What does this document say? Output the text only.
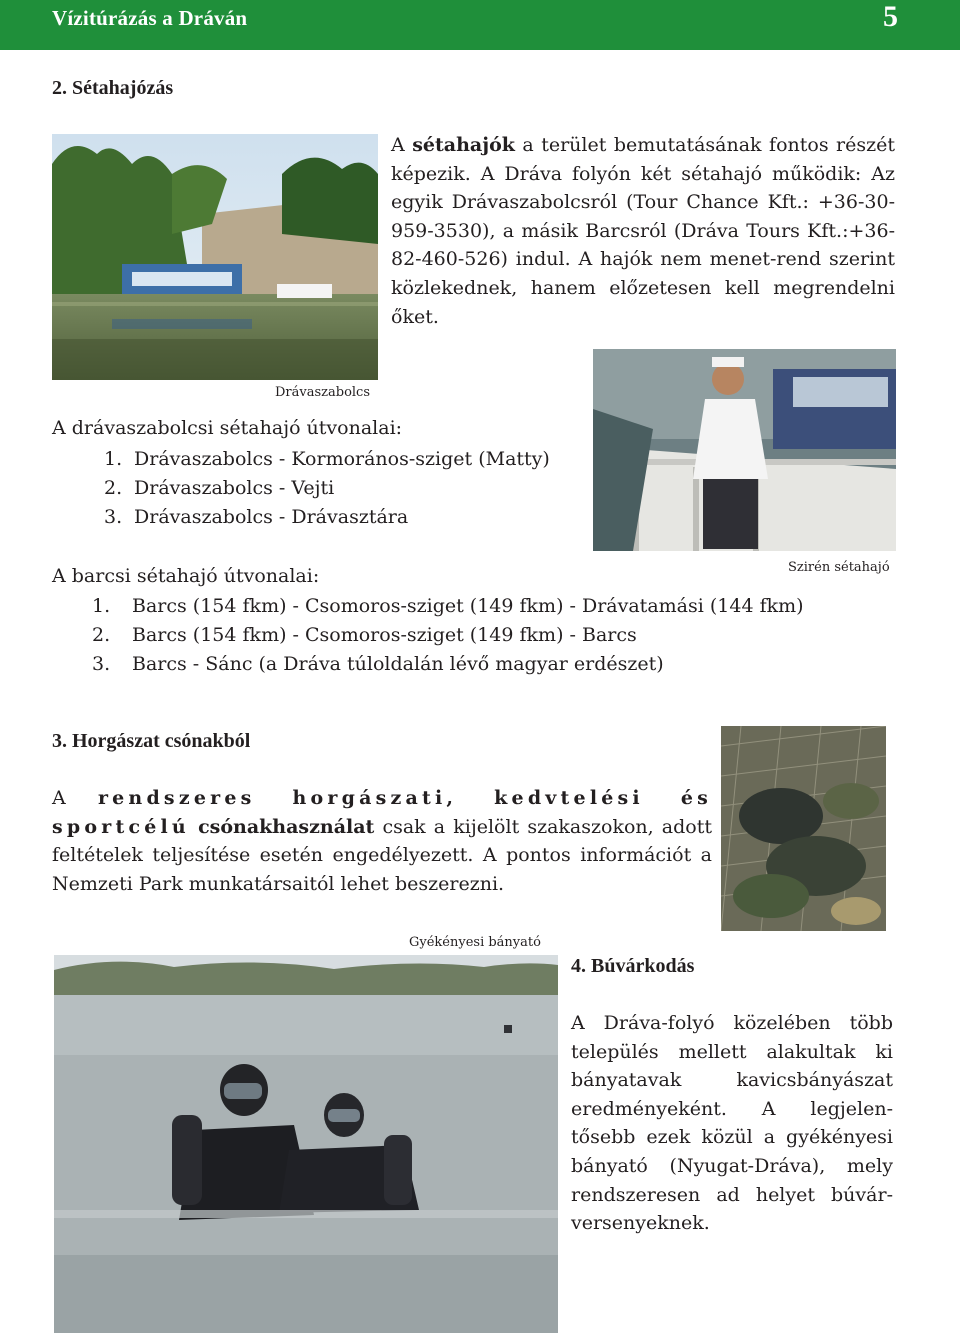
Vízitúrázás a Dráván	5
2. Sétahajózás
A sétahajók a terület bemutatásának fontos részét képezik. A Dráva folyón két sétahajó működik: Az egyik Drávaszabolcsról (Tour Chance Kft.: +36-30-959-3530), a másik Barcsról (Dráva Tours Kft.:+36-82-460-526) indul. A hajók nem menet-rend szerint közlekednek, hanem előzetesen kell megrendelni őket.
Drávaszabolcs
A drávaszabolcsi sétahajó útvonalai:
1. Drávaszabolcs - Kormorános-sziget (Matty)
2. Drávaszabolcs - Vejti
3. Drávaszabolcs - Drávasztára
Szirén sétahajó
A barcsi sétahajó útvonalai:
1. Barcs (154 fkm) - Csomoros-sziget (149 fkm) - Drávatamási (144 fkm)
2. Barcs (154 fkm) - Csomoros-sziget (149 fkm) - Barcs
3. Barcs - Sánc (a Dráva túloldalán lévő magyar erdészet)
3. Horgászat csónakból
A rendszeres horgászati, kedvtelési és sportcélú csónakhasználat csak a kijelölt szakaszokon, adott feltételek teljesítése esetén engedélyezett. A pontos információt a Nemzeti Park munkatársaitól lehet beszerezni.
Gyékényesi bányató
4. Búvárkodás
A Dráva-folyó közelében több település mellett alakultak ki bányatavak kavicsbányászat eredményeként. A legjelen-tősebb ezek közül a gyékényesi bányató (Nyugat-Dráva), mely rendszeresen ad helyet búvár-versenyeknek.
